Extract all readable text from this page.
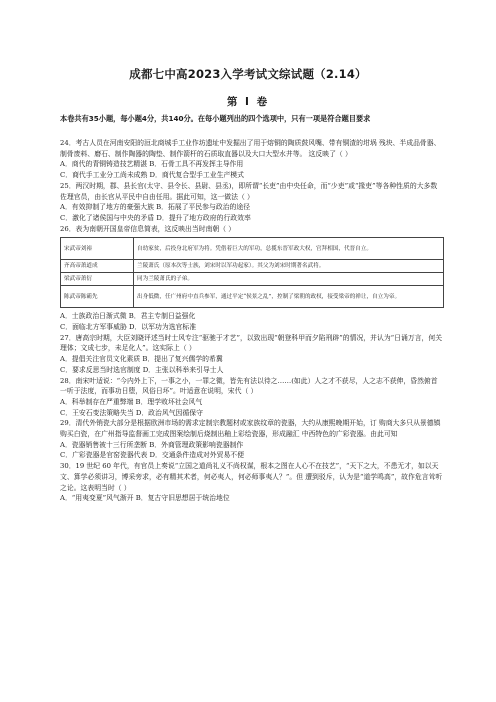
成都七中高2023入学考试文综试题（2.14）
第 Ⅰ 卷
本卷共有35小题，每小题4分，共140分。在每小题列出的四个选项中，只有一项是符合题目要求

24．考古人员在河南安阳的洹北商城手工业作坊遗址中发掘出了用于熔铜的陶质鼓风嘴、带有铜渣的坩埚 残块、半成品骨器、制骨废料、磨石、制作陶器的陶垫、制作箭杆的石质取直器以及大口大型水井等。 这反映了（ ）

A．商代的青铜铸造技艺精湛 B．石骨工具不再发挥主导作用

C．商代手工业分工尚未成熟 D．商代复合型手工业生产模式

25．两汉时期，郡、县长官(太守、县令长、县尉、县丞)，即所谓“长吏”由中央任命，而“少吏”或“掾吏”等各种性质的大多数佐理官员，由长官从平民中自由任用。据此可知，这一做法（ ）

A．有效抑制了地方的豪强大族 B．拓展了平民参与政治的途径

C．激化了诸侯国与中央的矛盾 D．提升了地方政府的行政效率

26．表为南朝开国皇帝信息简表，这反映出当时南朝（ ）

宋武帝刘裕	自幼家贫，后投身北府军为将。凭借着巨大的军功，总揽东晋军政大权，官拜相国，代晋自立。
齐高帝萧道成	兰陵萧氏（原本次等士族，刘宋时以军功起家）。其父为刘宋时期著名武将。
梁武帝萧衍	同为兰陵萧氏的子弟。
陈武帝陈霸先	出身低微，任广州府中直兵参军，通过平定“侯景之乱”，控制了梁朝的政权，接受梁帝的禅让，自立为帝。

A．士族政治日渐式微 B．君主专制日益强化

C．面临北方军事威胁 D．以军功为选官标准

27．唐高宗时期，大臣刘晓评述当时士风专注“驱驰于才艺”，以致出现“朝登科甲而夕陷刑辟”的情况，并认为“日诵万言，何关理体；文成七步，未足化人”。这实际上（ ）

A．提倡关注官员文化素质 B．提出了复兴儒学的希冀

C．要求反思当时选官制度 D．主张以科举来引导士人

28．南宋叶适说：“今内外上下，一事之小，一罪之微，皆先有法以待之……(如此）人之才不获尽，人之志不获伸，昏然俯首一听于法度，而事功日堕，风俗日坏”。叶适意在说明，宋代（ ）

A．科举制存在严重弊端 B．理学败坏社会风气

C．王安石变法策略失当 D．政治风气因循保守

29．清代外销瓷大部分是根据欧洲市场的需求定制宗教题材或家族纹章的瓷器，大约从康熙晚期开始，订 购商大多只从景德镇购买白瓷，在广州指导监督画工完成图案绘制后烧制出釉上彩绘瓷器，形成融汇 中西特色的广彩瓷器。由此可知

A．瓷器销售被十三行所垄断 B．外商管理政策影响瓷器制作

C．广彩瓷器是官窑瓷器代表 D．交通条件造成对外贸易不便

30．19 世纪 60 年代，有官员上奏说“立国之道尚礼义不尚权谋，根本之图在人心不在技艺”，“天下之大，不患无才，如以天文、算学必须讲习，博采旁求，必有精其术者，何必夷人，何必师事夷人？”。但 遭到驳斥，认为是“道学鸣高”，故作危言耸听之论。这表明当时（ ）

A．“用夷变夏”风气渐开 B．复古守旧思想居于统治地位
